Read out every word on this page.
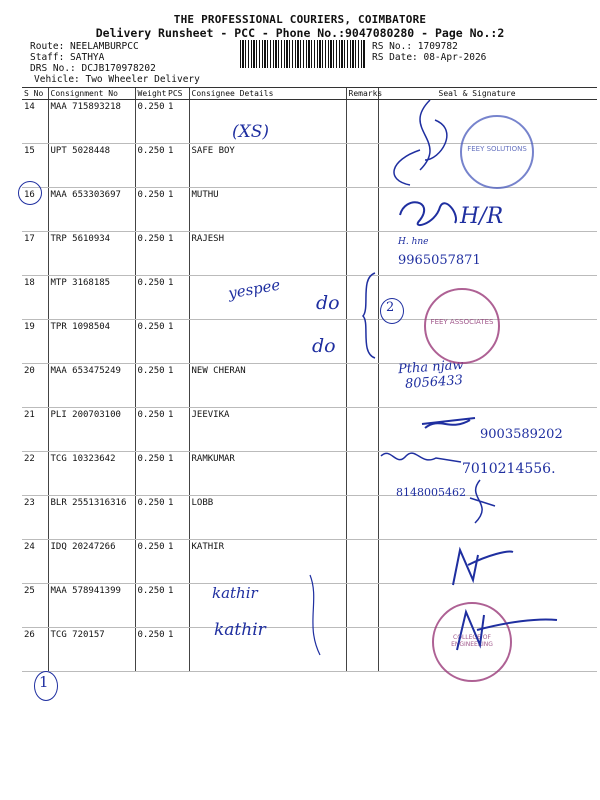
THE PROFESSIONAL COURIERS, COIMBATORE
Delivery Runsheet - PCC - Phone No.:9047080280 - Page No.:2
Route: NEELAMBURPCC
Staff: SATHYA
DRS No.: DCJB170978202
Vehicle: Two Wheeler Delivery
RS No.: 1709782
RS Date: 08-Apr-2026
S No	Consignment No	Weight	PCS	Consignee Details	Remarks	Seal & Signature
14	MAA 715893218	0.250	1			
15	UPT 5028448	0.250	1	SAFE BOY		
16	MAA 653303697	0.250	1	MUTHU		
17	TRP 5610934	0.250	1	RAJESH		
18	MTP 3168185	0.250	1			
19	TPR 1098504	0.250	1			
20	MAA 653475249	0.250	1	NEW CHERAN		
21	PLI 200703100	0.250	1	JEEVIKA		
22	TCG 10323642	0.250	1	RAMKUMAR		
23	BLR 2551316316	0.250	1	LOBB		
24	IDQ 20247266	0.250	1	KATHIR		
25	MAA 578941399	0.250	1			
26	TCG 720157	0.250	1			
(XS)
H/R
H. hne
9965057871
yespee
do
do
2
Ptha njaw
8056433
9003589202
7010214556.
8148005462
kathir
kathir
1
FEEY SOLUTIONS
FEEY ASSOCIATES
COLLEGE OF ENGINEERING
